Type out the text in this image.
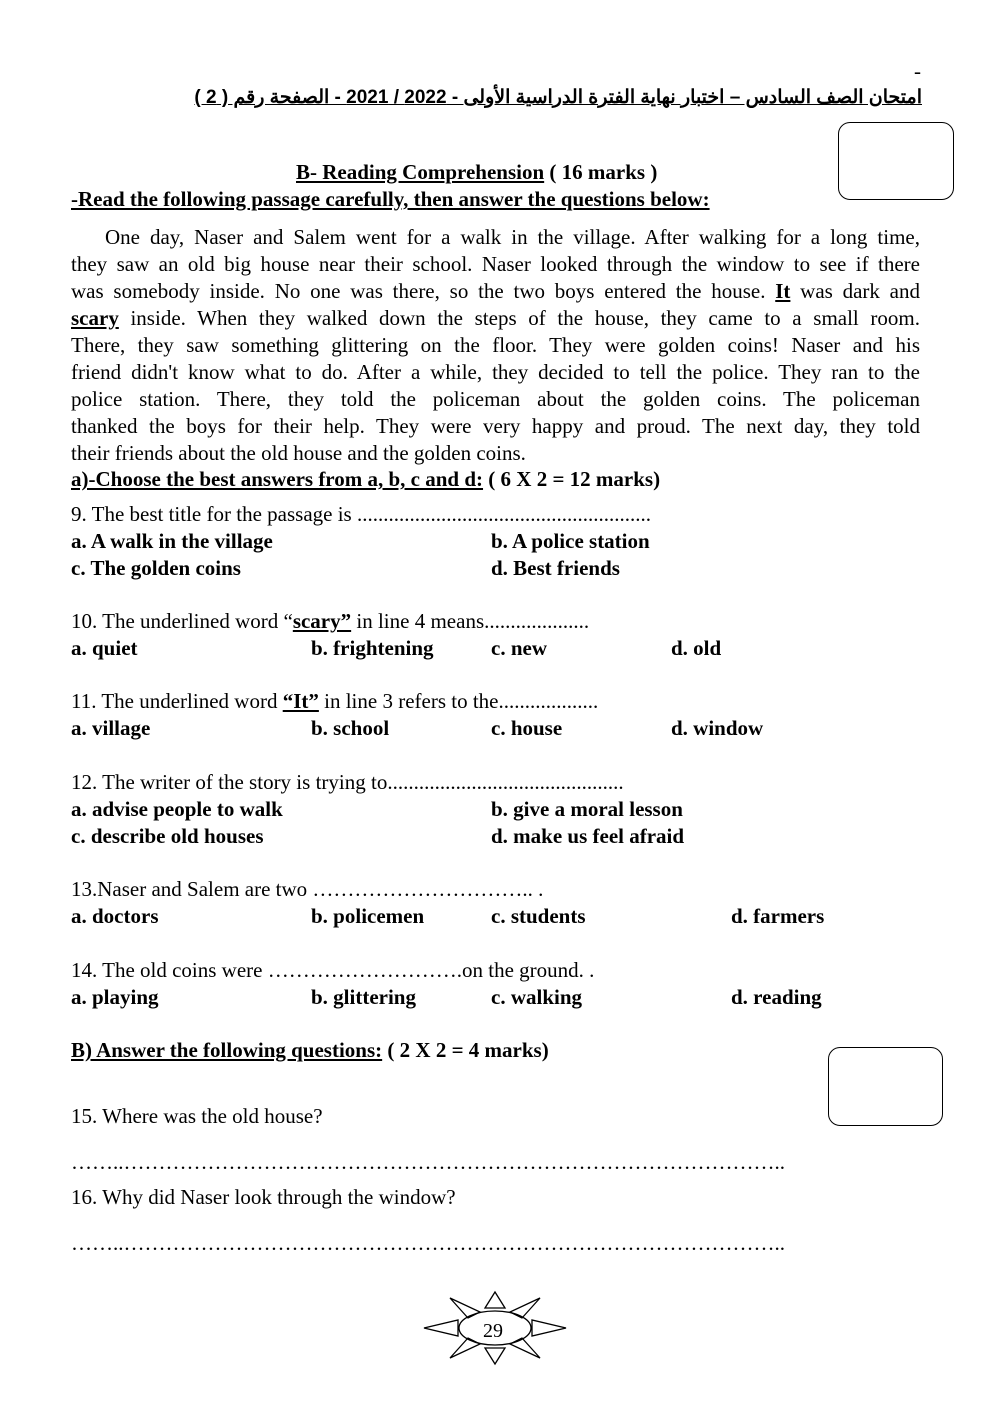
-
امتحان الصف السادس – اختبار نهاية الفترة الدراسية الأولى - 2022 / 2021 - الصفحة رقم ( 2 )
B- Reading Comprehension ( 16 marks )
-Read the following passage carefully, then answer the questions below:
One day, Naser and Salem went for a walk in the village. After walking for a long time,
they saw an old big house near their school. Naser looked through the window to see if there
was somebody inside. No one was there, so the two boys entered the house. It was dark and
scary inside. When they walked down the steps of the house, they came to a small room.
There, they saw something glittering on the floor. They were golden coins! Naser and his
friend didn't know what to do. After a while, they decided to tell the police. They ran to the
police station. There, they told the policeman about the golden coins. The policeman
thanked the boys for their help. They were very happy and proud. The next day, they told
their friends about the old house and the golden coins.
a)-Choose the best answers from a, b, c and d: ( 6 X 2 = 12 marks)
9. The best title for the passage is ........................................................
a. A walk in the village	b. A police station
c. The golden coins	d. Best friends
10. The underlined word “scary” in line 4 means....................
a. quiet	b. frightening	c. new	d. old
11. The underlined word “It” in line 3 refers to the...................
a. village	b. school	c. house	d. window
12. The writer of the story is trying to.............................................
a. advise people to walk	b. give a moral lesson
c. describe old houses	d. make us feel afraid
13.Naser and Salem are two ………………………….. .
a. doctors	b. policemen	c. students	d. farmers
14. The old coins were ……………………….on the ground. .
a. playing	b. glittering	c. walking	d. reading
B) Answer the following questions: ( 2 X 2 = 4 marks)
15. Where was the old house?
……..…………………………………………………………………………………..
16. Why did Naser look through the window?
……..…………………………………………………………………………………..
29
